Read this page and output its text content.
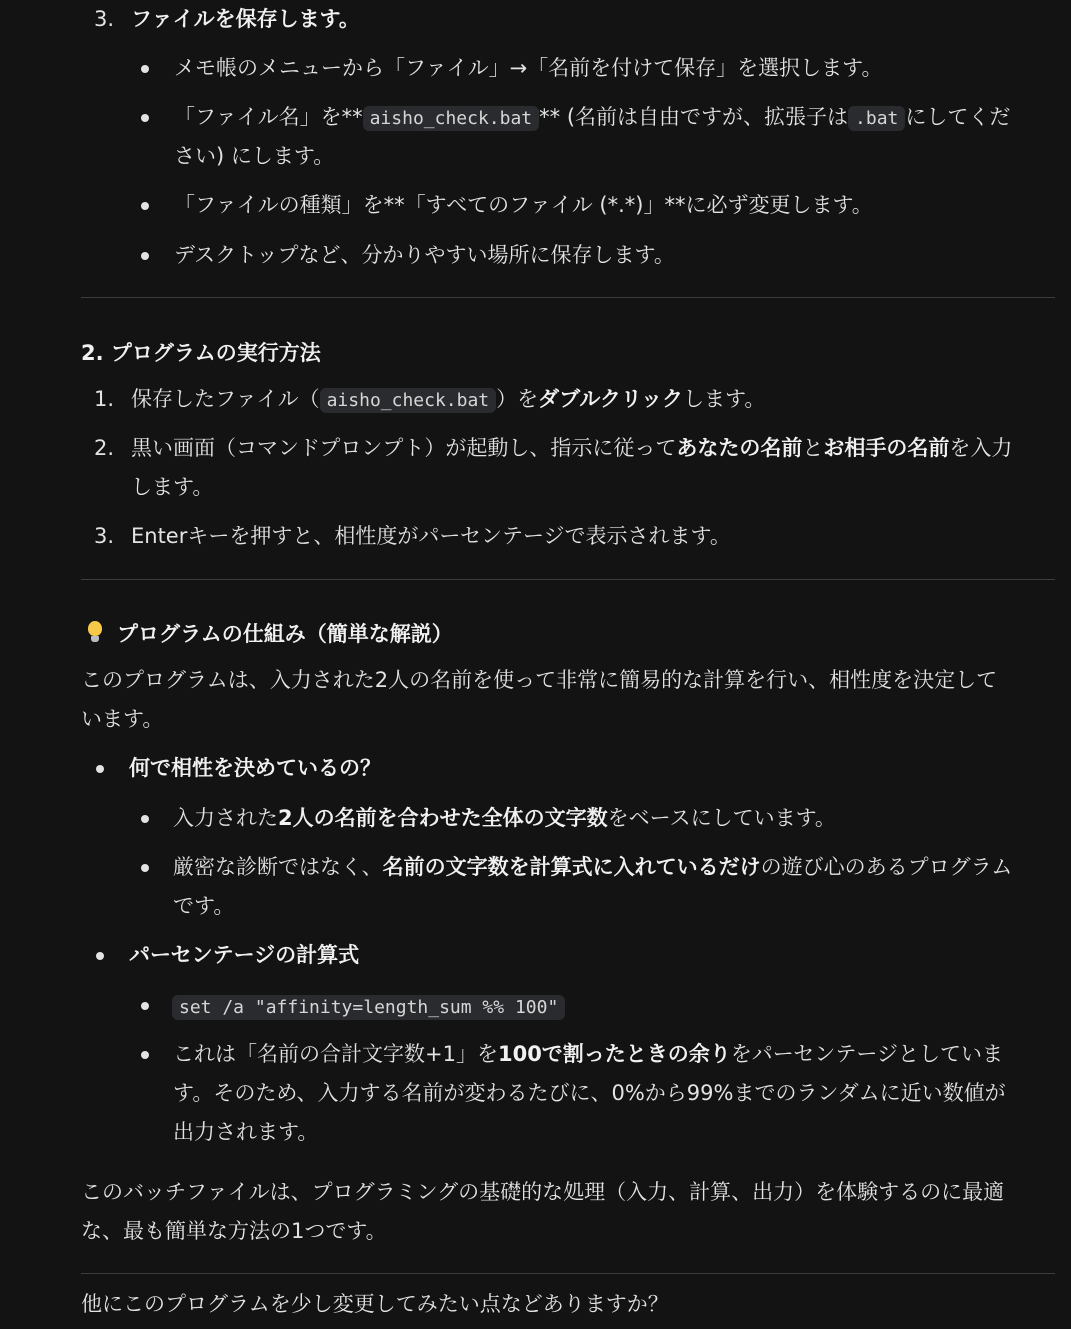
3. ファイルを保存します。
メモ帳のメニューから「ファイル」→「名前を付けて保存」を選択します。
「ファイル名」を** aisho_check.bat ** (名前は自由ですが、拡張子は .bat にしてくだ
さい) にします。
「ファイルの種類」を**「すべてのファイル (*.*)」**に必ず変更します。
デスクトップなど、分かりやすい場所に保存します。
2. プログラムの実行方法
1. 保存したファイル（ aisho_check.bat ）をダブルクリックします。
2. 黒い画面（コマンドプロンプト）が起動し、指示に従ってあなたの名前とお相手の名前を入力
します。
3. Enterキーを押すと、相性度がパーセンテージで表示されます。
プログラムの仕組み（簡単な解説）
このプログラムは、入力された2人の名前を使って非常に簡易的な計算を行い、相性度を決定して
います。
何で相性を決めているの？
入力された2人の名前を合わせた全体の文字数をベースにしています。
厳密な診断ではなく、名前の文字数を計算式に入れているだけの遊び心のあるプログラム
です。
パーセンテージの計算式
set /a "affinity=length_sum %% 100"
これは「名前の合計文字数+1」を100で割ったときの余りをパーセンテージとしていま
す。そのため、入力する名前が変わるたびに、0%から99%までのランダムに近い数値が
出力されます。
このバッチファイルは、プログラミングの基礎的な処理（入力、計算、出力）を体験するのに最適
な、最も簡単な方法の1つです。
他にこのプログラムを少し変更してみたい点などありますか？
